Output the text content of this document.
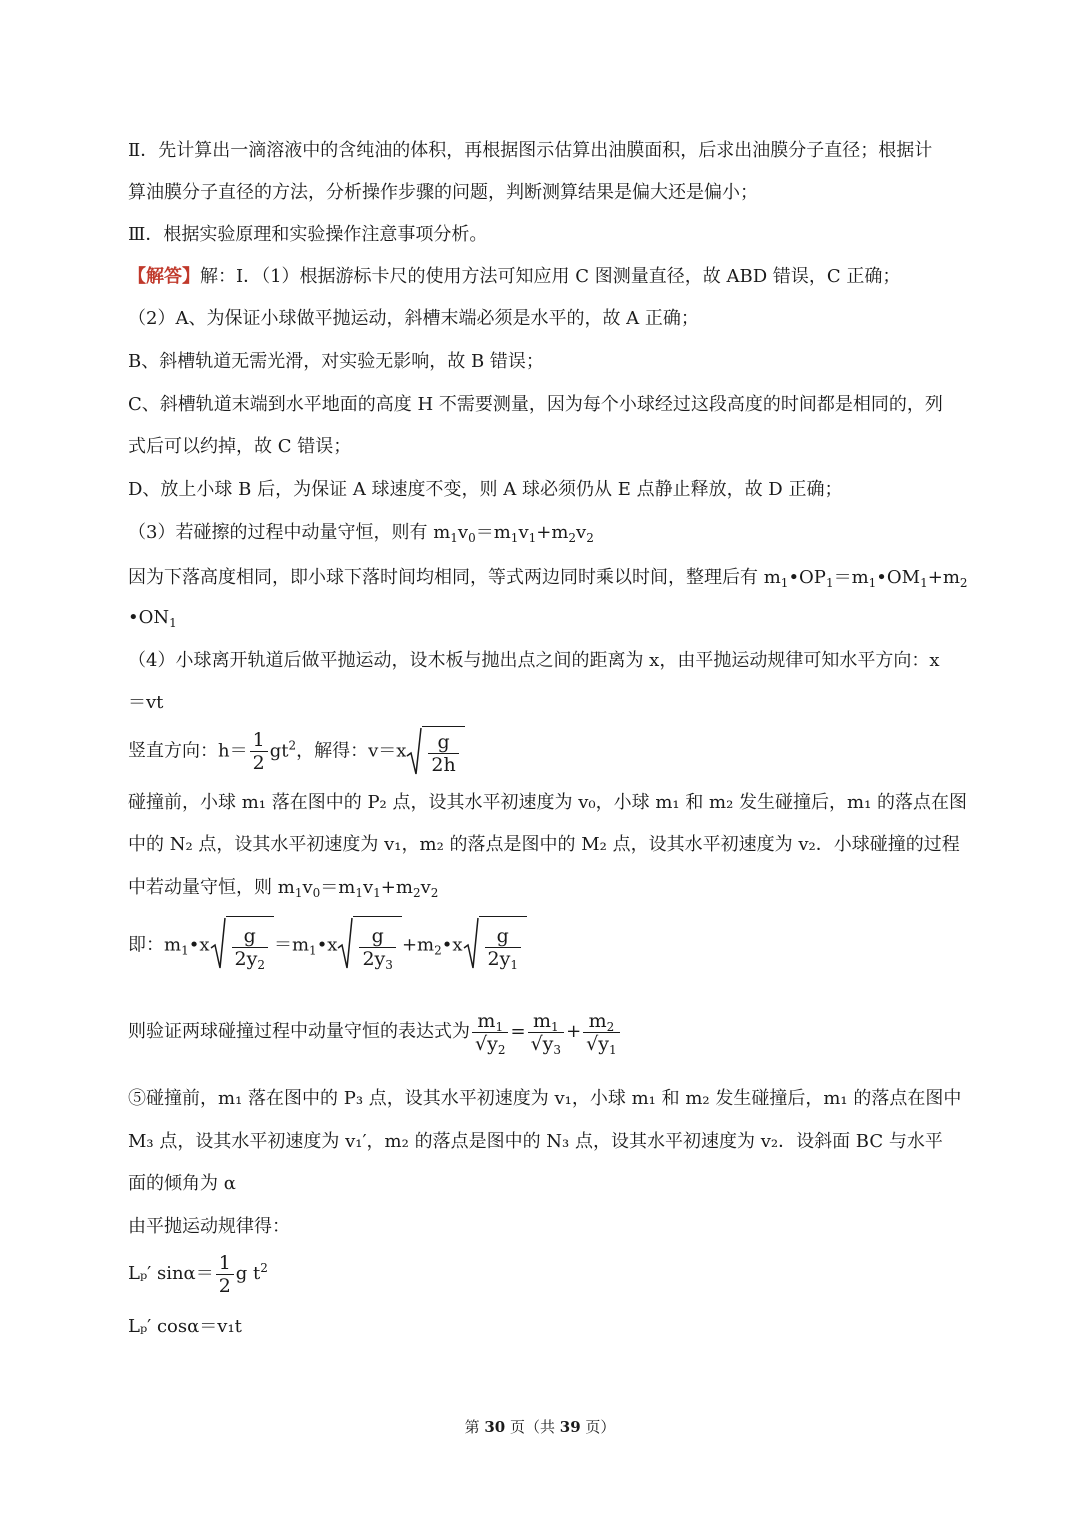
Ⅱ．先计算出一滴溶液中的含纯油的体积，再根据图示估算出油膜面积，后求出油膜分子直径；根据计
算油膜分子直径的方法，分析操作步骤的问题，判断测算结果是偏大还是偏小；
Ⅲ．根据实验原理和实验操作注意事项分析。
【解答】解：Ⅰ．（1）根据游标卡尺的使用方法可知应用 C 图测量直径，故 ABD 错误，C 正确；
（2）A、为保证小球做平抛运动，斜槽末端必须是水平的，故 A 正确；
B、斜槽轨道无需光滑，对实验无影响，故 B 错误；
C、斜槽轨道末端到水平地面的高度 H 不需要测量，因为每个小球经过这段高度的时间都是相同的，列
式后可以约掉，故 C 错误；
D、放上小球 B 后，为保证 A 球速度不变，则 A 球必须仍从 E 点静止释放，故 D 正确；
（3）若碰擦的过程中动量守恒，则有 $m_1v_0=m_1v_1+m_2v_2$
因为下落高度相同，即小球下落时间均相同，等式两边同时乘以时间，整理后有 $m_1•OP_1=m_1•OM_1+m_2$
$•ON_1$
（4）小球离开轨道后做平抛运动，设木板与抛出点之间的距离为 x，由平抛运动规律可知水平方向：x
＝vt
竖直方向：$h= \frac{1}{2} gt^2$，解得：$v=x \frac{g}{2h}$
碰撞前，小球 m₁ 落在图中的 P₂ 点，设其水平初速度为 v₀，小球 m₁ 和 m₂ 发生碰撞后，m₁ 的落点在图
中的 N₂ 点，设其水平初速度为 v₁，m₂ 的落点是图中的 M₂ 点，设其水平初速度为 v₂．小球碰撞的过程
中若动量守恒，则 $m_1v_0=m_1v_1+m_2v_2$
即：$m_1•x \frac{g}{2y_2}$ $=m_1•x \frac{g}{2y_3}$ $+m_2•x \frac{g}{2y_1}$
则验证两球碰撞过程中动量守恒的表达式为 $\frac{m_1}{√y_2} = \frac{m_1}{√y_3} + \frac{m_2}{√y_1}$
⑤碰撞前，m₁ 落在图中的 P₃ 点，设其水平初速度为 v₁，小球 m₁ 和 m₂ 发生碰撞后，m₁ 的落点在图中
M₃ 点，设其水平初速度为 v₁′，m₂ 的落点是图中的 N₃ 点，设其水平初速度为 v₂．设斜面 BC 与水平
面的倾角为 α
由平抛运动规律得：
Lₚ′ $\sin\alpha= \frac{1}{2}$ g $t^2$
Lₚ′ cosα＝v₁t
第 30 页（共 39 页）
